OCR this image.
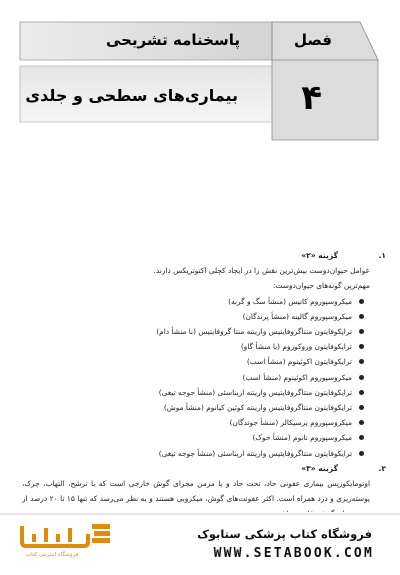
فصل
۴
پاسخنامه تشریحی
بیماری‌های سطحی و جلدی
۱.
گزینه «۲»
عوامل حیوان‌دوست بیش‌ترین نقش را در ایجاد کچلی اکتوتریکس دارند.
مهم‌ترین گونه‌های حیوان‌دوست:
میکروسپوروم کانیس (منشأ سگ و گربه)
میکروسپوروم گالینه (منشأ پرندگان)
ترایکوفایتون منتاگروفایتیس وارینته منتا گروفایتیس (با منشأ دام)
ترایکوفایتون وروکوزوم (با منشأ گاو)
ترایکوفایتون اکوئینوم (منشأ اسب)
میکروسپوروم اکوئینوم (منشأ اسب)
ترایکوفایتون منتاگروفایتیس وارینته اریناسئی (منشأ جوجه تیغی)
ترایکوفایتون منتاگروفایتیس وارینته کوئین کیانوم (منشأ موش)
میکروسپوروم پرسیکالر (منشأ جوندگان)
میکروسپوروم نانوم (منشأ خوک)
ترایکوفایتون منتاگروفایتیس وارینته اریناسئی (منشأ جوجه تیغی)
۲.
گزینه «۳»
اوتومایکوزیس بیماری عفونی حاد، تحت حاد و یا مزمن مجرای گوش خارجی است که با ترشح، التهاب، چرک، پوسته‌ریزی و درد همراه است. اکثر عفونت‌های گوش، میکروبی هستند و به نظر می‌رسد که تنها ۱۵ تا ۲۰ درصد از
فروشگاه اینترنتی کتاب
فروشگاه کتاب پزشکی ستابوک
WWW.SETABOOK.COM
